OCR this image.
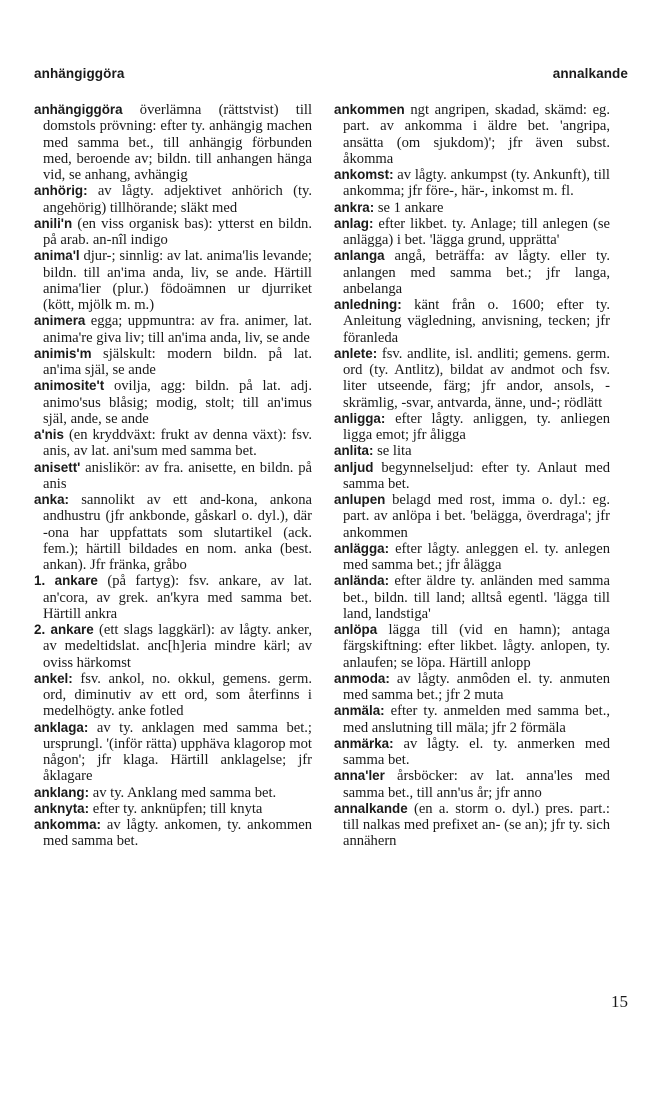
anhängiggöra	annalkande

anhängiggöra överlämna (rättstvist) till domstols prövning: efter ty. anhängig machen med samma bet., till anhängig förbunden med, beroende av; bildn. till anhangen hänga vid, se anhang, avhängig

anhörig: av lågty. adjektivet anhörich (ty. angehörig) tillhörande; släkt med

anili'n (en viss organisk bas): ytterst en bildn. på arab. an-nîl indigo

anima'l djur-; sinnlig: av lat. anima'lis levande; bildn. till an'ima anda, liv, se ande. Härtill anima'lier (plur.) födoämnen ur djurriket (kött, mjölk m. m.)

animera egga; uppmuntra: av fra. animer, lat. anima're giva liv; till an'ima anda, liv, se ande

animis'm själskult: modern bildn. på lat. an'ima själ, se ande

animosite't ovilja, agg: bildn. på lat. adj. animo'sus blåsig; modig, stolt; till an'imus själ, ande, se ande

a'nis (en kryddväxt: frukt av denna växt): fsv. anis, av lat. ani'sum med samma bet.

anisett' anislikör: av fra. anisette, en bildn. på anis

anka: sannolikt av ett and-kona, ankona andhustru (jfr ankbonde, gåskarl o. dyl.), där -ona har uppfattats som slutartikel (ack. fem.); härtill bildades en nom. anka (best. ankan). Jfr fränka, gråbo

1. ankare (på fartyg): fsv. ankare, av lat. an'cora, av grek. an'kyra med samma bet. Härtill ankra

2. ankare (ett slags laggkärl): av lågty. anker, av medeltidslat. anc[h]eria mindre kärl; av oviss härkomst

ankel: fsv. ankol, no. okkul, gemens. germ. ord, diminutiv av ett ord, som återfinns i medelhögty. anke fotled

anklaga: av ty. anklagen med samma bet.; ursprungl. '(inför rätta) upphäva klagorop mot någon'; jfr klaga. Härtill anklagelse; jfr åklagare

anklang: av ty. Anklang med samma bet.

anknyta: efter ty. anknüpfen; till knyta

ankomma: av lågty. ankomen, ty. ankommen med samma bet.

ankommen ngt angripen, skadad, skämd: eg. part. av ankomma i äldre bet. 'angripa, ansätta (om sjukdom)'; jfr även subst. åkomma

ankomst: av lågty. ankumpst (ty. Ankunft), till ankomma; jfr före-, här-, inkomst m. fl.

ankra: se 1 ankare

anlag: efter likbet. ty. Anlage; till anlegen (se anlägga) i bet. 'lägga grund, upprätta'

anlanga angå, beträffa: av lågty. eller ty. anlangen med samma bet.; jfr langa, anbelanga

anledning: känt från o. 1600; efter ty. Anleitung vägledning, anvisning, tecken; jfr föranleda

anlete: fsv. andlite, isl. andliti; gemens. germ. ord (ty. Antlitz), bildat av andmot och fsv. liter utseende, färg; jfr andor, ansols, -skrämlig, -svar, antvarda, änne, und-; rödlätt

anligga: efter lågty. anliggen, ty. anliegen ligga emot; jfr åligga

anlita: se lita

anljud begynnelseljud: efter ty. Anlaut med samma bet.

anlupen belagd med rost, imma o. dyl.: eg. part. av anlöpa i bet. 'belägga, överdraga'; jfr ankommen

anlägga: efter lågty. anleggen el. ty. anlegen med samma bet.; jfr ålägga

anlända: efter äldre ty. anländen med samma bet., bildn. till land; alltså egentl. 'lägga till land, landstiga'

anlöpa lägga till (vid en hamn); antaga färgskiftning: efter likbet. lågty. anlopen, ty. anlaufen; se löpa. Härtill anlopp

anmoda: av lågty. anmôden el. ty. anmuten med samma bet.; jfr 2 muta

anmäla: efter ty. anmelden med samma bet., med anslutning till mäla; jfr 2 förmäla

anmärka: av lågty. el. ty. anmerken med samma bet.

anna'ler årsböcker: av lat. anna'les med samma bet., till ann'us år; jfr anno

annalkande (en a. storm o. dyl.) pres. part.: till nalkas med prefixet an- (se an); jfr ty. sich annähern

15
